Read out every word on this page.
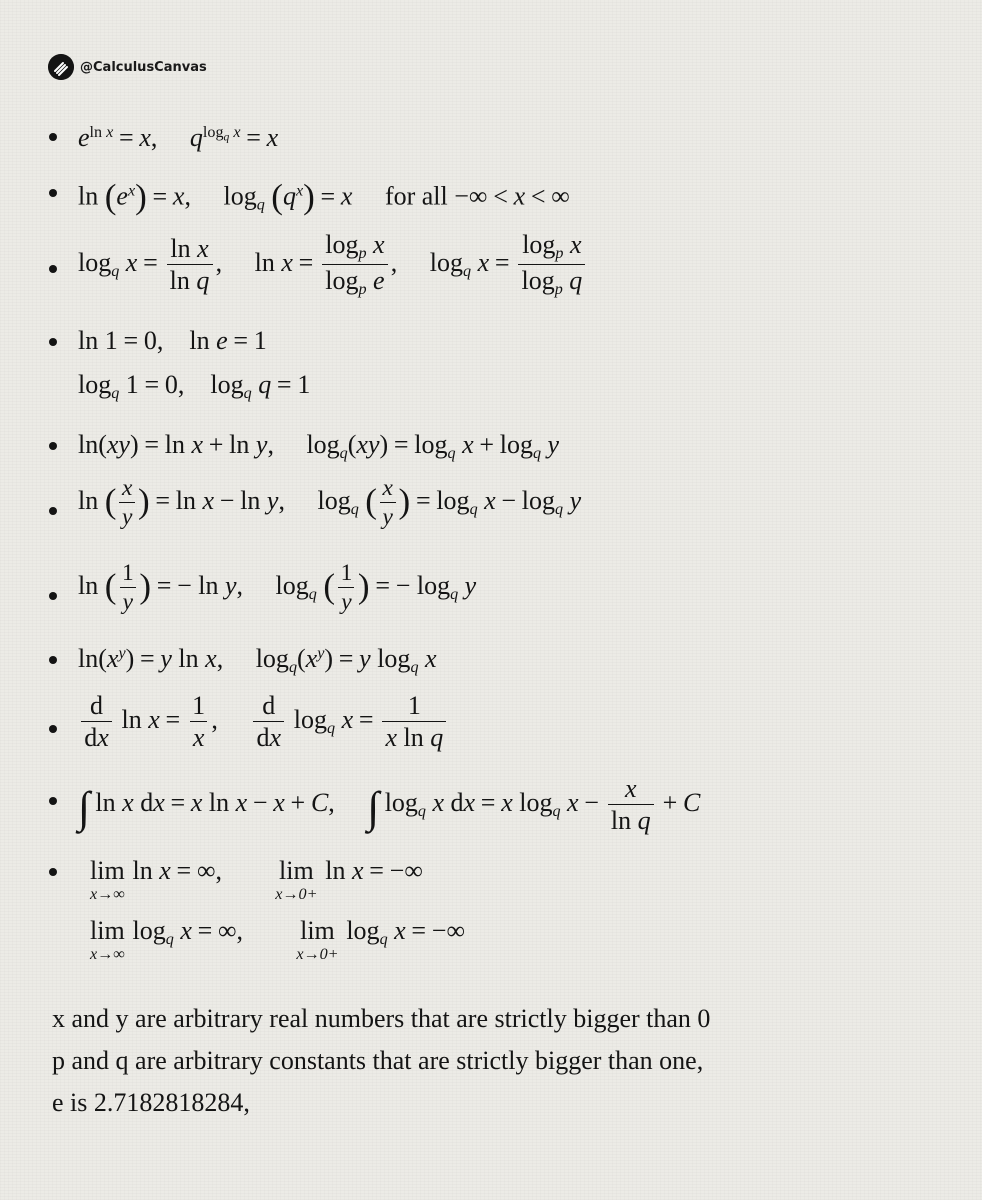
@CalculusCanvas
$e^{ln x} = x$, $q^{log_q x} = x$
$\ln (e^x) = x$, $\log_q (q^x) = x$ for all −∞ < x < ∞
$\log_q x = \frac{\text{ln x}}{\text{ln q}}$ , $\ln x = \frac{\log_p x}{\log_p e}$ , $\log_q x = \frac{\log_p x}{\log_p q}$
ln 1 = 0, ln e = 1
$\log_q 1 = 0$, $\log_q q = 1$
ln(xy) = ln x + ln y, $\log_q(xy) = \log_q x + \log_q y$
ln ( $\frac{x}{y}$ ) = ln x − ln y, $\log_q$ ( $\frac{x}{y}$ ) = $\log_q x - \log_q y$
ln ( $\frac{1}{y}$ ) = − ln y, $\log_q$ ( $\frac{1}{y}$ ) = − $\log_q y$
$\ln(x^y) = y$ ln x, $\log_q(x^y) = y$ $\log_q x$
$\frac{d}{dx}$ $\ln x = \frac{1}{x}$ , $\frac{d}{dx} \log_q x = \frac{1}{\text{x ln q}}$
∫ ln x dx = x ln x − x + C, ∫ $\log_q x$ dx = x $\log_q x - \frac{x}{\text{ln q}} + C$
lim
x→∞
ln x = ∞, lim
x→0+
ln x = −∞
lim
x→∞
$\log_q x$ = ∞, lim
x→0+
$\log_q x$ = −∞
x and y are arbitrary real numbers that are strictly bigger than 0
p and q are arbitrary constants that are strictly bigger than one,
e is 2.7182818284,
